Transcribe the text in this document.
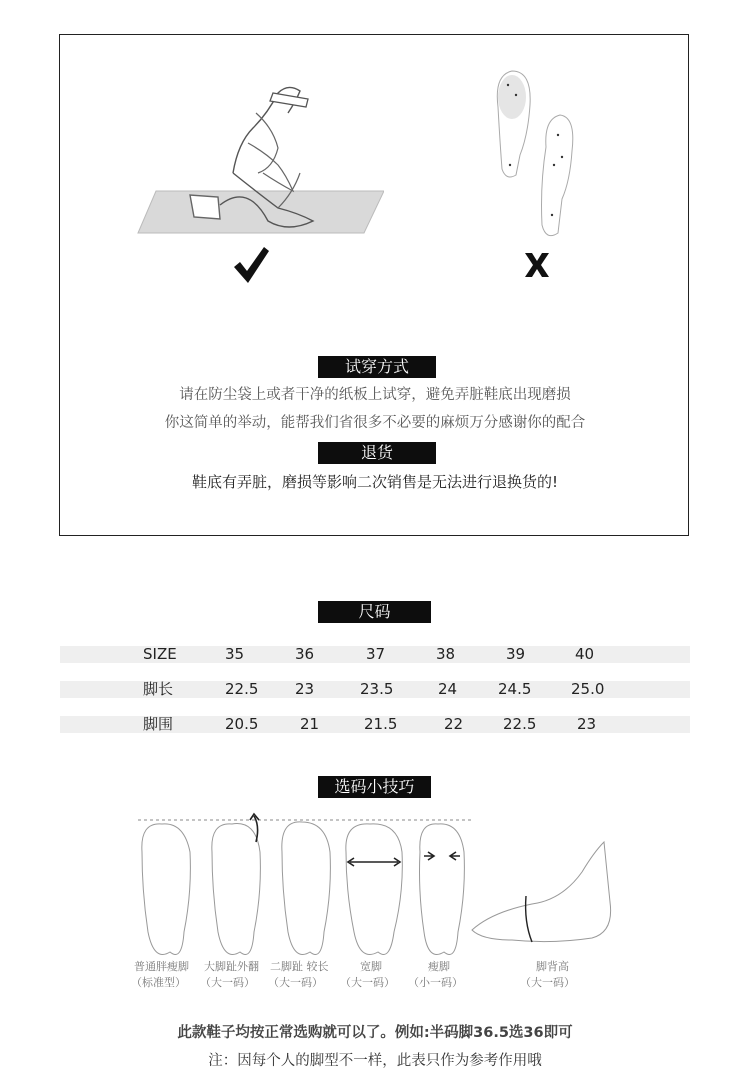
试穿方式
请在防尘袋上或者干净的纸板上试穿，避免弄脏鞋底出现磨损
你这简单的举动，能帮我们省很多不必要的麻烦万分感谢你的配合
退货
鞋底有弄脏，磨损等影响二次销售是无法进行退换货的!
尺码
SIZE	35	36	37	38	39	40
脚长	22.5 23	23.5	24	24.5	25.0
脚围	20.5	21	21.5	22	22.5	23
选码小技巧
普通胖瘦脚
（标准型）
大脚趾外翻
（大一码）
二脚趾 较长
（大一码）
宽脚
（大一码）
瘦脚
（小一码）
脚背高
（大一码）
此款鞋子均按正常选购就可以了。例如:半码脚36.5选36即可
注：因每个人的脚型不一样，此表只作为参考作用哦
